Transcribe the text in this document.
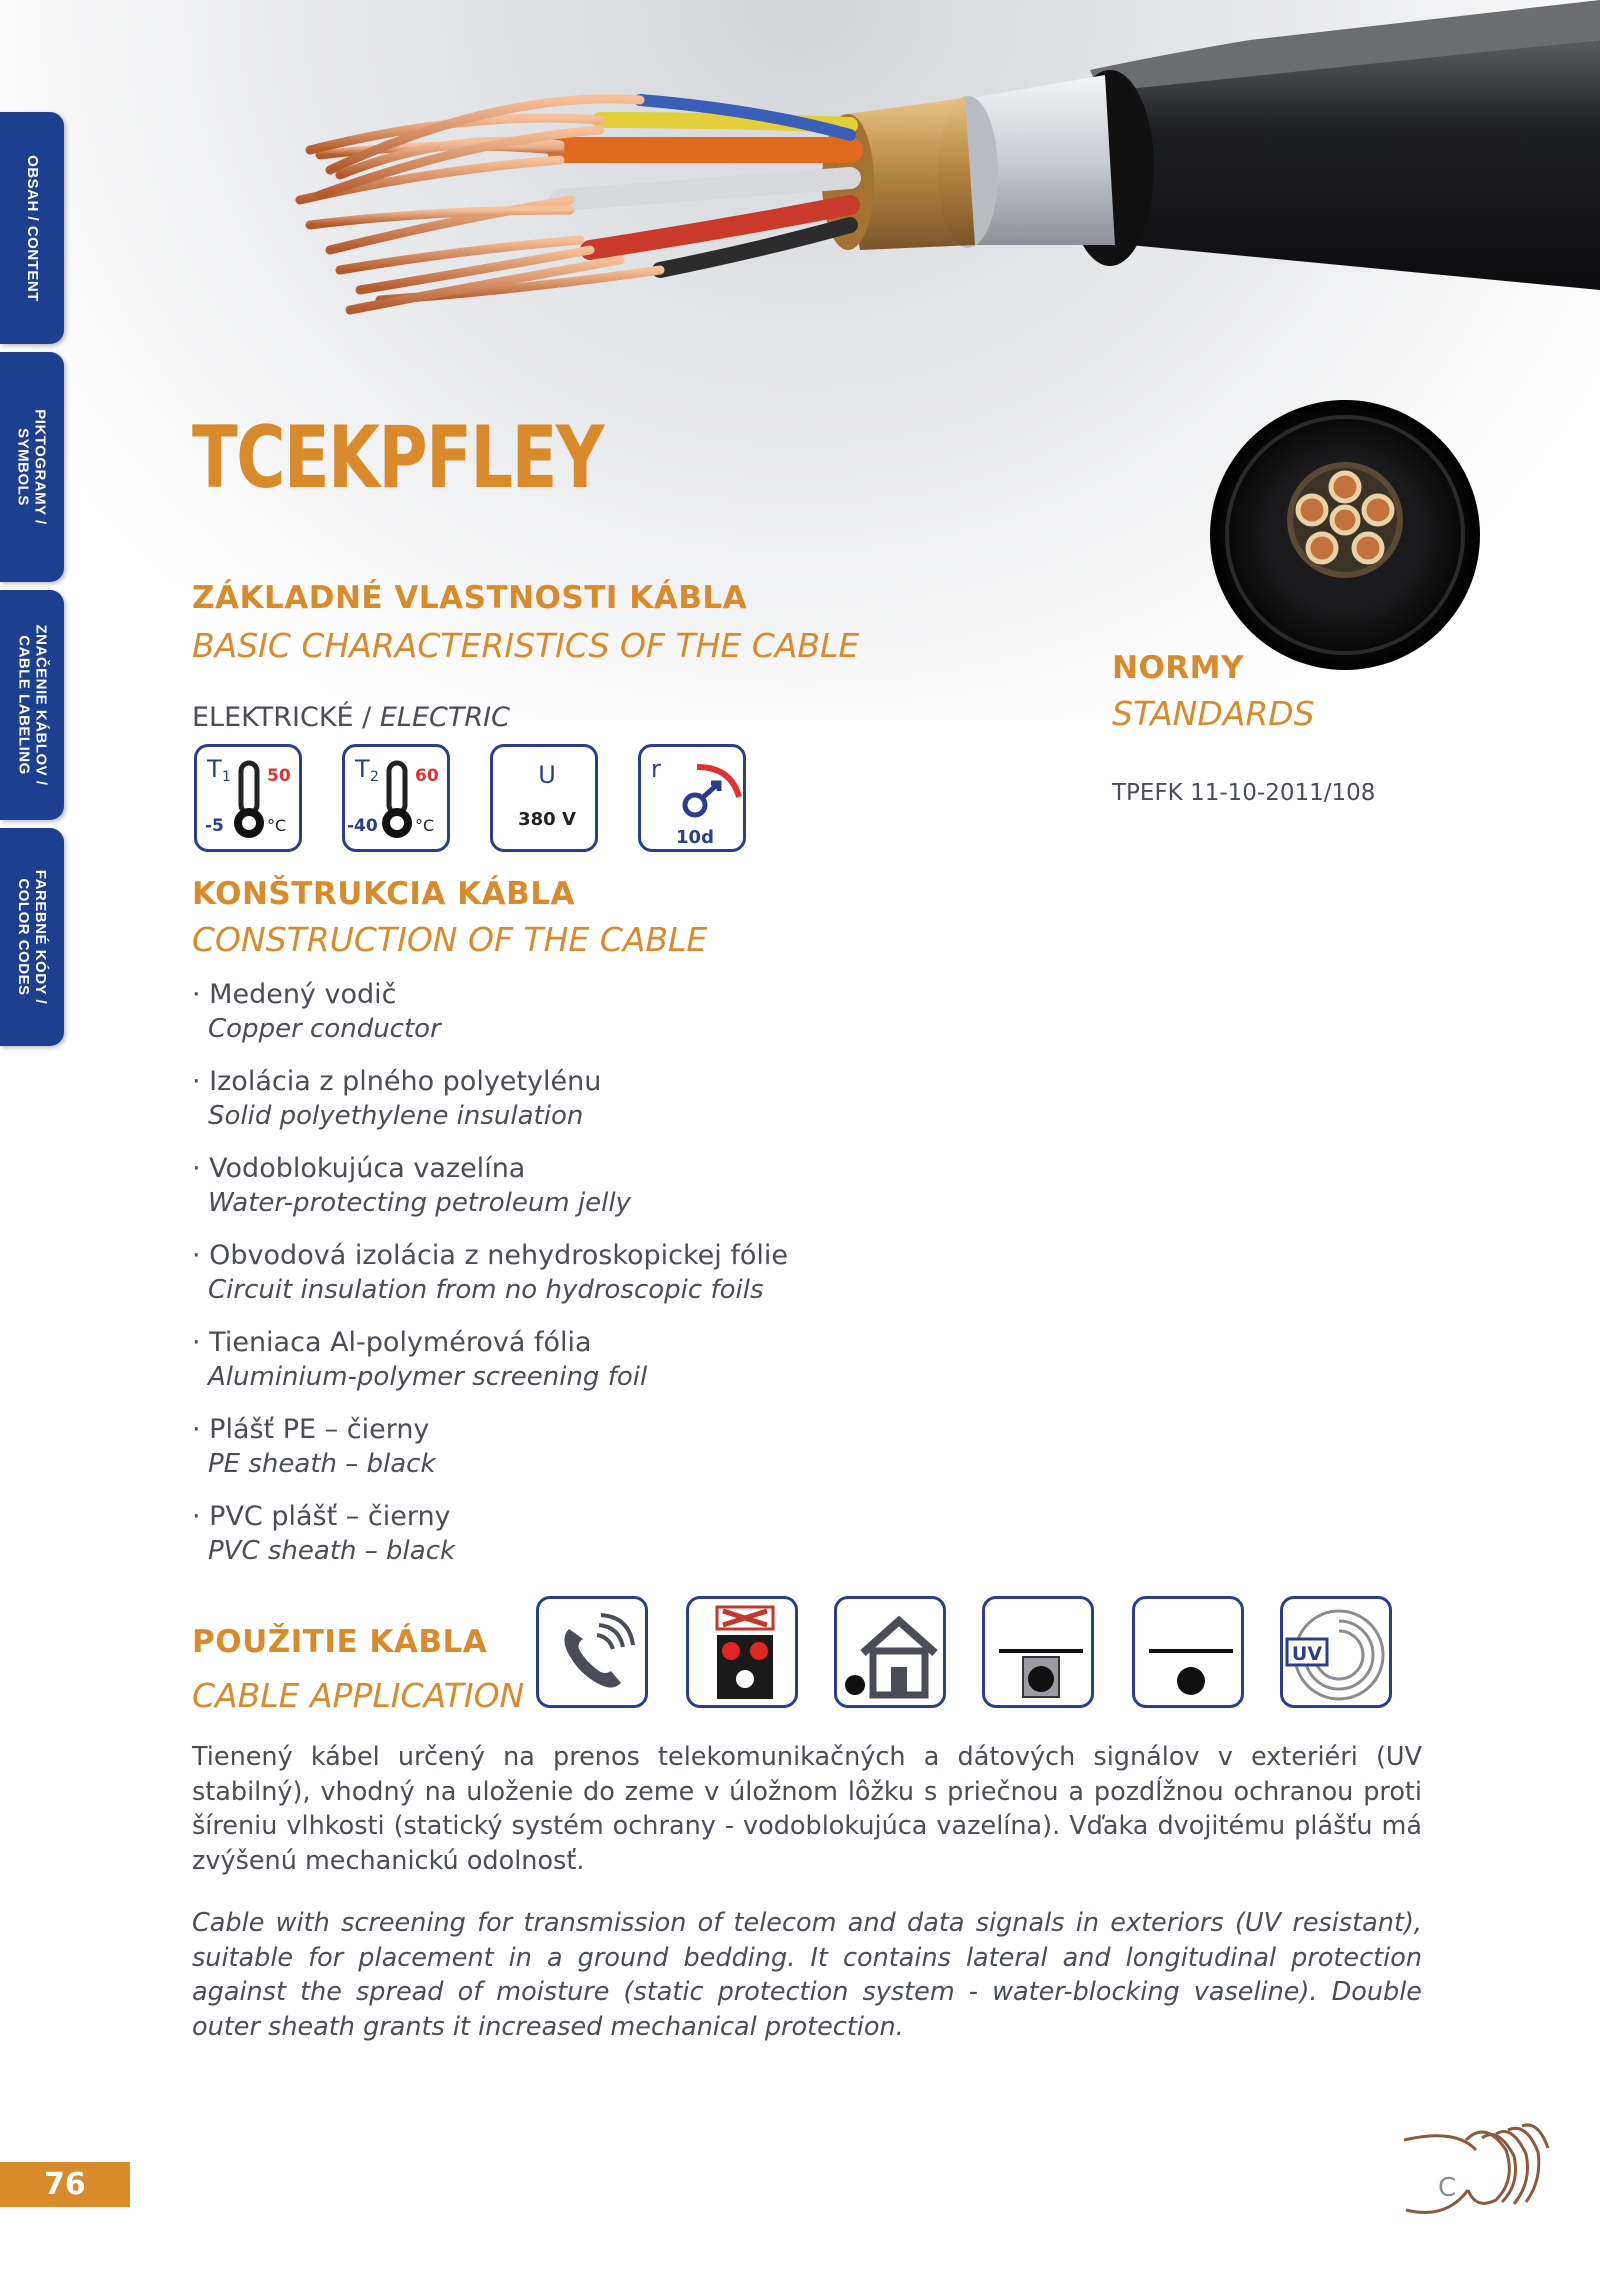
OBSAH / CONTENT
PIKTOGRAMY /
SYMBOLS
ZNAČENIE KÁBLOV /
CABLE LABELING
FAREBNÉ KÓDY /
COLOR CODES
TCEKPFLEY
ZÁKLADNÉ VLASTNOSTI KÁBLA
BASIC CHARACTERISTICS OF THE CABLE
ELEKTRICKÉ / ELECTRIC
T 1 50
-5	°C
T 2 60
-40 °C
U
380 V
r
10d
KONŠTRUKCIA KÁBLA
CONSTRUCTION OF THE CABLE
· Medený vodič
Copper conductor
· Izolácia z plného polyetylénu
Solid polyethylene insulation
· Vodoblokujúca vazelína
Water-protecting petroleum jelly
· Obvodová izolácia z nehydroskopickej fólie
Circuit insulation from no hydroscopic foils
· Tieniaca Al-polymérová fólia
Aluminium-polymer screening foil
· Plášť PE – čierny
PE sheath – black
· PVC plášť – čierny
PVC sheath – black
NORMY
STANDARDS
TPEFK 11-10-2011/108
POUŽITIE KÁBLA
CABLE APPLICATION
UV
Tienený kábel určený na prenos telekomunikačných a dátových signálov v exteriéri (UV stabilný), vhodný na uloženie do zeme v úložnom lôžku s priečnou a pozdĺžnou ochranou proti šíreniu vlhkosti (statický systém ochrany - vodoblokujúca vazelína). Vďaka dvojitému plášťu má zvýšenú mechanickú odolnosť.
Cable with screening for transmission of telecom and data signals in exteriors (UV resistant), suitable for placement in a ground bedding. It contains lateral and longitudinal protection against the spread of moisture (static protection system - water-blocking vaseline). Double outer sheath grants it increased mechanical protection.
76	C
